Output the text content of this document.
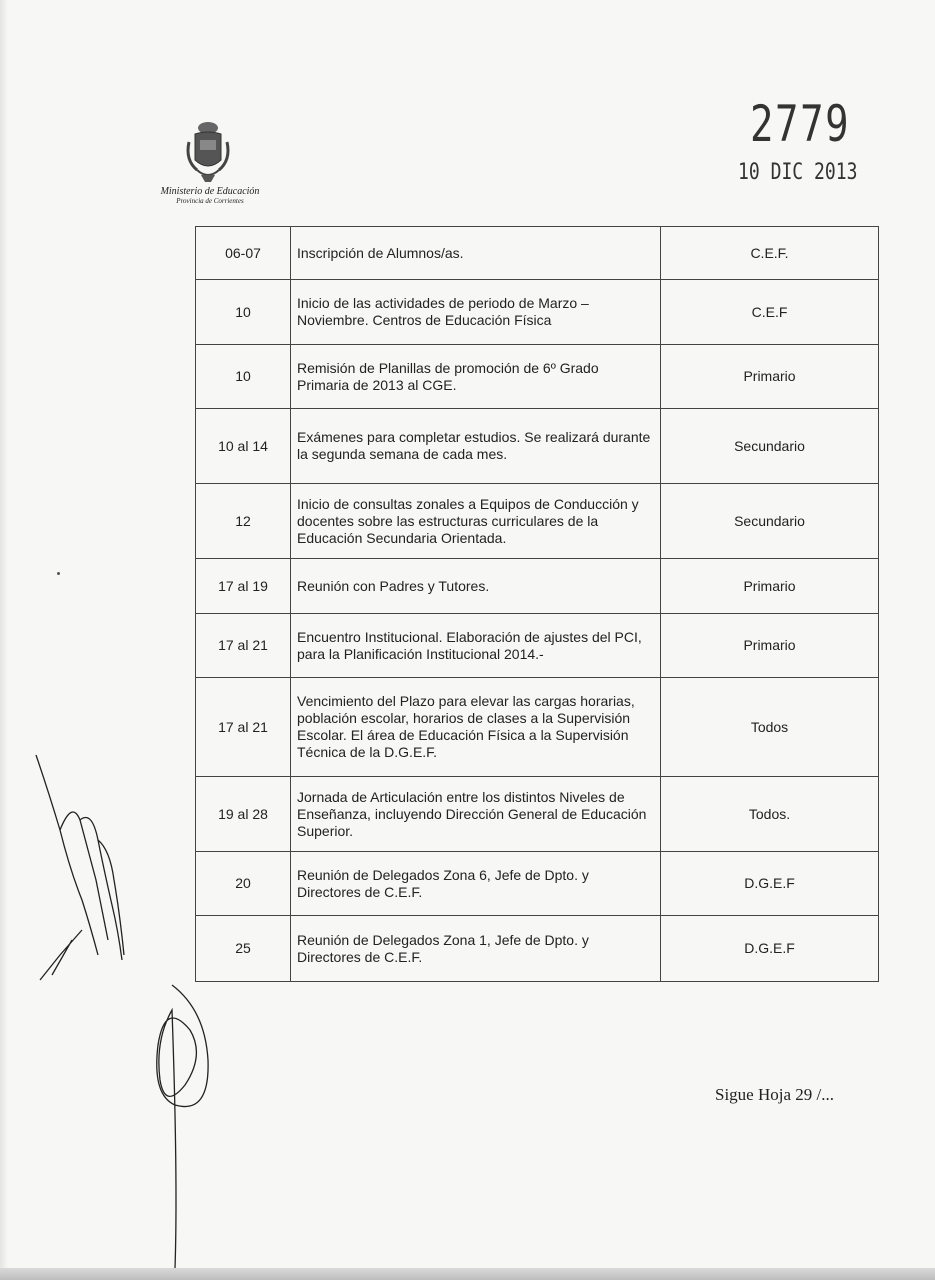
Ministerio de Educación
Provincia de Corrientes
2779
10 DIC 2013
06-07	Inscripción de Alumnos/as.	C.E.F.
10	Inicio de las actividades de periodo de Marzo – Noviembre. Centros de Educación Física	C.E.F
10	Remisión de Planillas de promoción de 6º Grado Primaria de 2013 al CGE.	Primario
10 al 14	Exámenes para completar estudios. Se realizará durante la segunda semana de cada mes.	Secundario
12	Inicio de consultas zonales a Equipos de Conducción y docentes sobre las estructuras curriculares de la Educación Secundaria Orientada.	Secundario
17 al 19	Reunión con Padres y Tutores.	Primario
17 al 21	Encuentro Institucional. Elaboración de ajustes del PCI, para la Planificación Institucional 2014.-	Primario
17 al 21	Vencimiento del Plazo para elevar las cargas horarias, población escolar, horarios de clases a la Supervisión Escolar. El área de Educación Física a la Supervisión Técnica de la D.G.E.F.	Todos
19 al 28	Jornada de Articulación entre los distintos Niveles de Enseñanza, incluyendo Dirección General de Educación Superior.	Todos.
20	Reunión de Delegados Zona 6, Jefe de Dpto. y Directores de C.E.F.	D.G.E.F
25	Reunión de Delegados Zona 1, Jefe de Dpto. y Directores de C.E.F.	D.G.E.F
Sigue Hoja 29 /...
